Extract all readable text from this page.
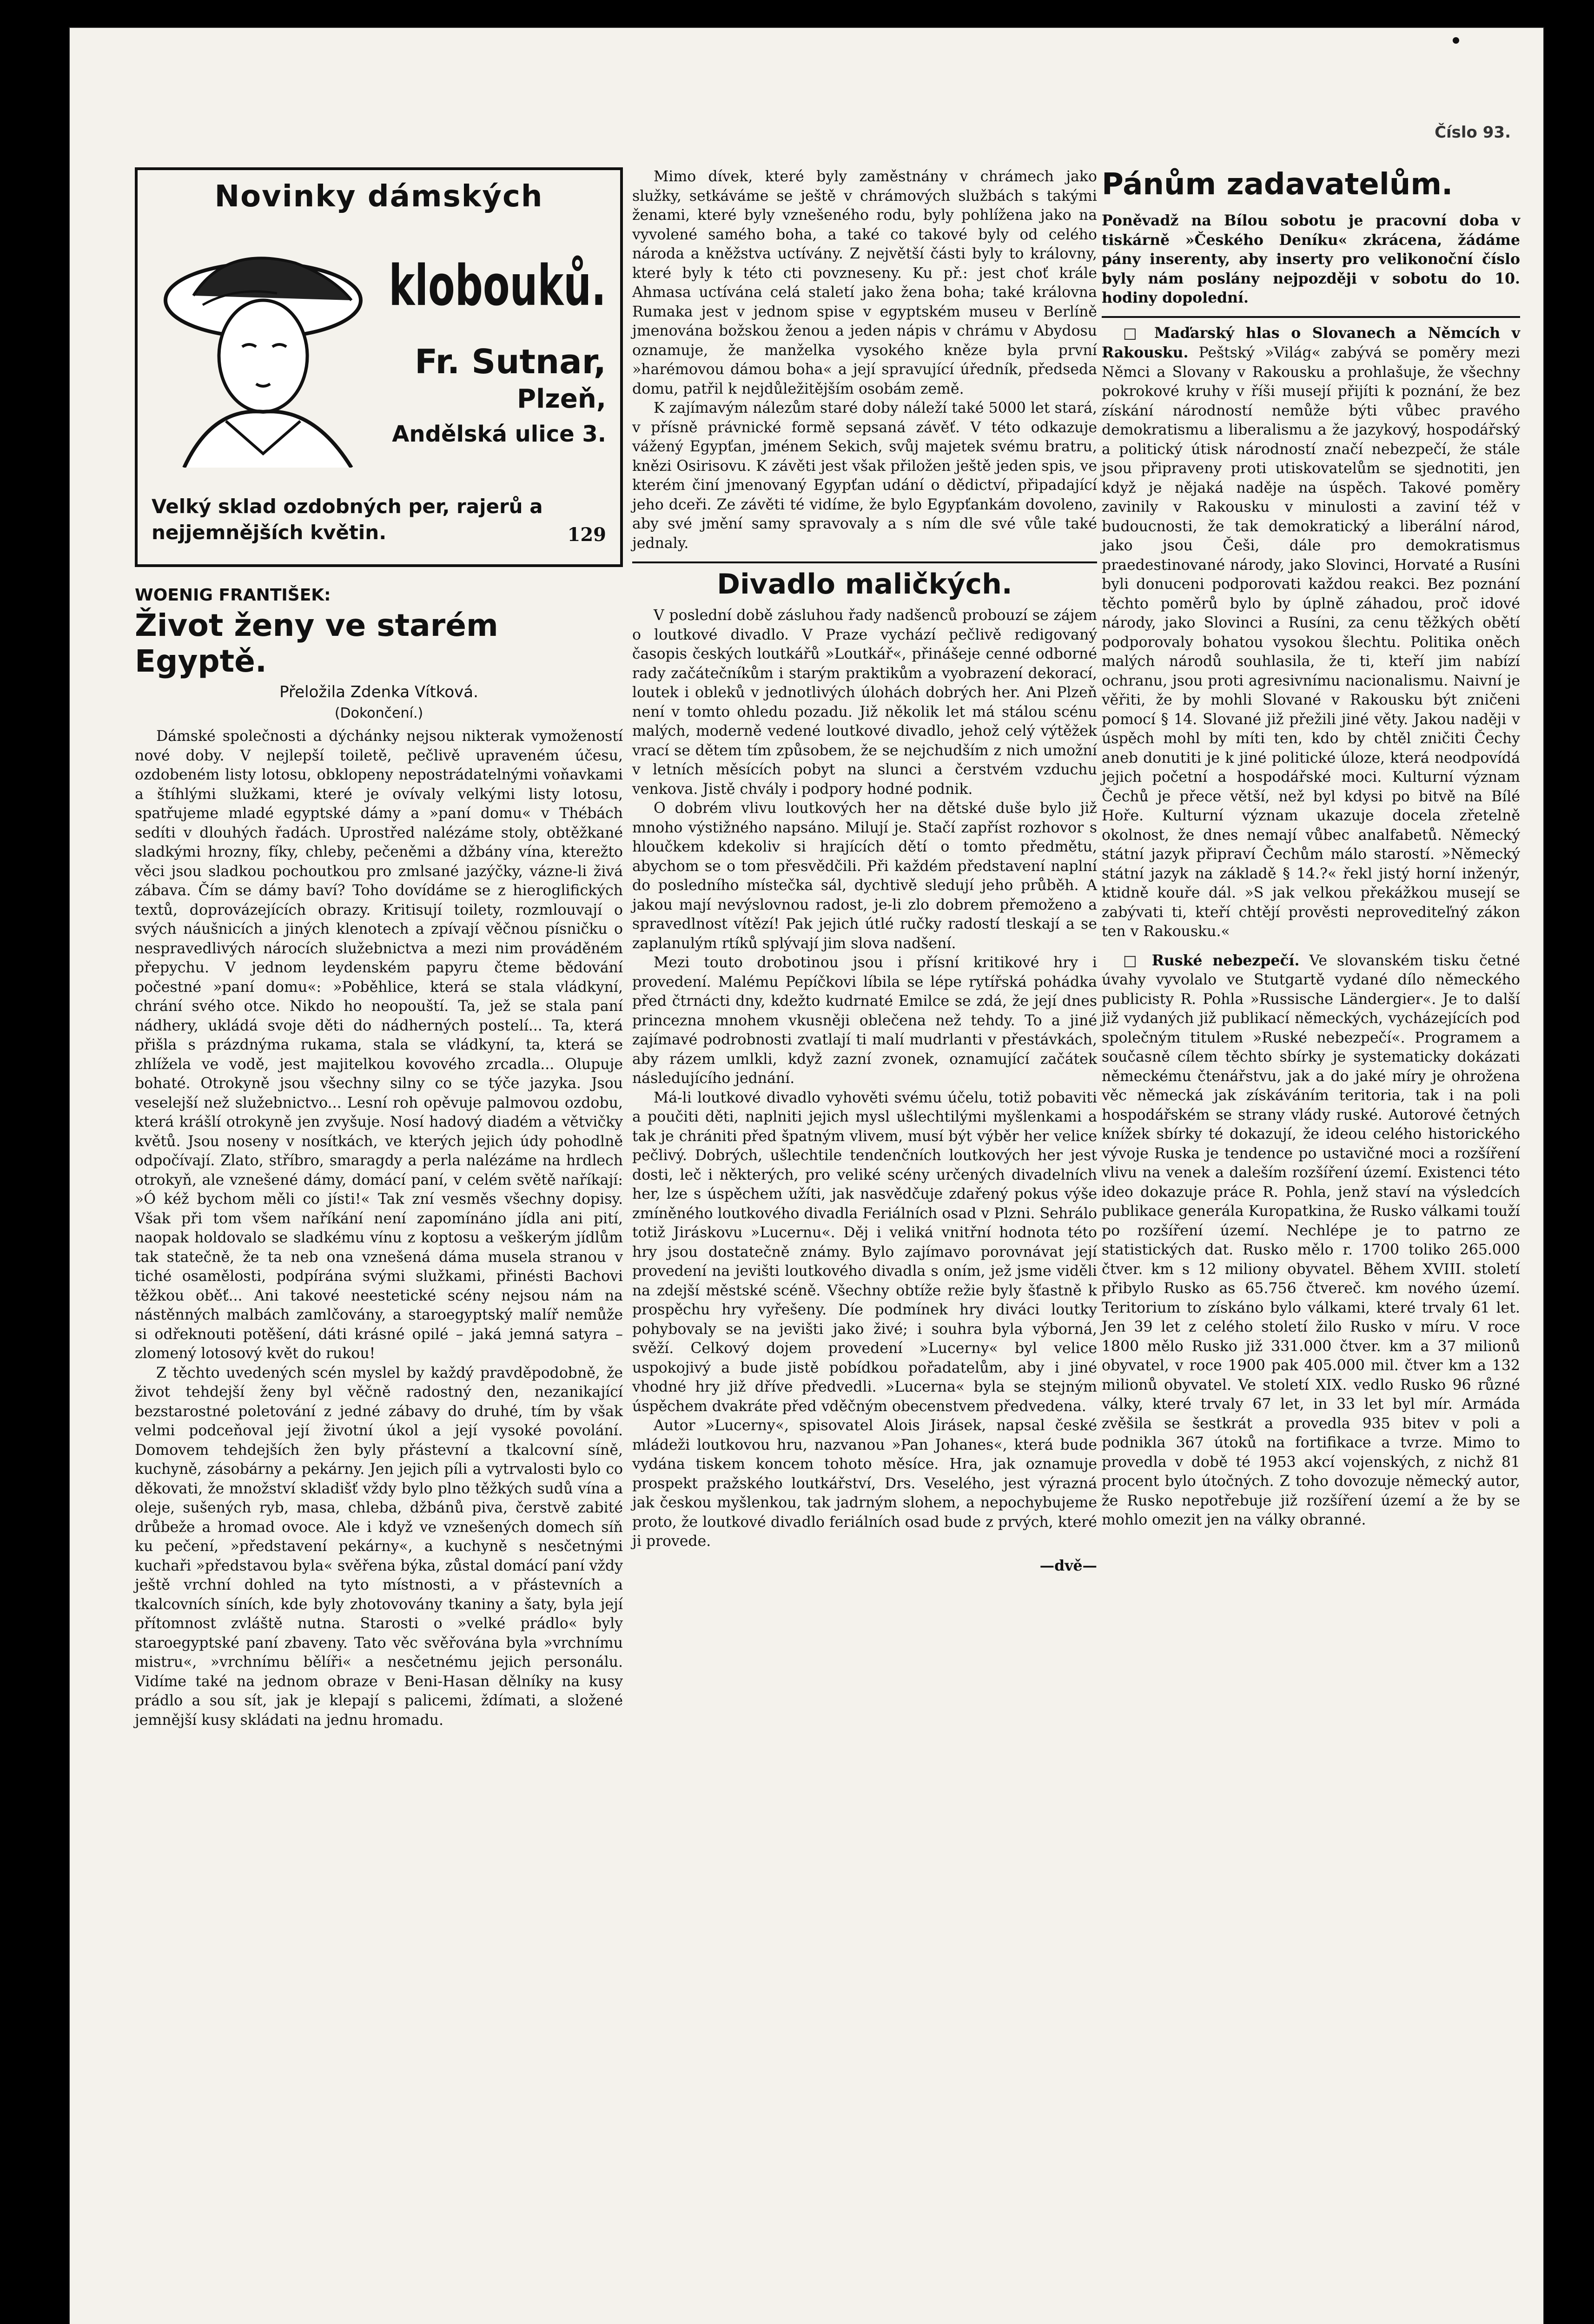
Číslo 93.
Novinky dámských
klobouků.
Fr. Sutnar,
Plzeň,
Andělská ulice 3.
Velký sklad ozdobných per, rajerů a nejjemnějších květin.	129
WOENIG FRANTIŠEK:
Život ženy ve starém Egyptě.
Přeložila Zdenka Vítková.
(Dokončení.)

Dámské společnosti a dýchánky nejsou nikterak vymožeností nové doby. V nejlepší toiletě, pečlivě upraveném účesu, ozdobeném listy lotosu, obklopeny nepostrádatelnými voňavkami a štíhlými služkami, které je ovívaly velkými listy lotosu, spatřujeme mladé egyptské dámy a »paní domu« v Thébách sedíti v dlouhých řadách. Uprostřed nalézáme stoly, obtěžkané sladkými hrozny, fíky, chleby, pečeněmi a džbány vína, kterežto věci jsou sladkou pochoutkou pro zmlsané jazýčky, vázne-li živá zábava. Čím se dámy baví? Toho dovídáme se z hieroglifických textů, doprovázejících obrazy. Kritisují toilety, rozmlouvají o svých náušnicích a jiných klenotech a zpívají věčnou písničku o nespravedlivých nárocích služebnictva a mezi nim prováděném přepychu. V jednom leydenském papyru čteme bědování počestné »paní domu«: »Poběhlice, která se stala vládkyní, chrání svého otce. Nikdo ho neopouští. Ta, jež se stala paní nádhery, ukládá svoje děti do nádherných postelí... Ta, která přišla s prázdnýma rukama, stala se vládkyní, ta, která se zhlížela ve vodě, jest majitelkou kovového zrcadla... Olupuje bohaté. Otrokyně jsou všechny silny co se týče jazyka. Jsou veselejší než služebnictvo... Lesní roh opěvuje palmovou ozdobu, která krášlí otrokyně jen zvyšuje. Nosí hadový diadém a větvičky květů. Jsou noseny v nosítkách, ve kterých jejich údy pohodlně odpočívají. Zlato, stříbro, smaragdy a perla nalézáme na hrdlech otrokyň, ale vznešené dámy, domácí paní, v celém světě naříkají: »Ó kéž bychom měli co jísti!« Tak zní vesměs všechny dopisy. Však při tom všem naříkání není zapomínáno jídla ani pití, naopak holdovalo se sladkému vínu z koptosu a veškerým jídlům tak statečně, že ta neb ona vznešená dáma musela stranou v tiché osamělosti, podpírána svými služkami, přinésti Bachovi těžkou oběť... Ani takové neestetické scény nejsou nám na nástěnných malbách zamlčovány, a staroegyptský malíř nemůže si odřeknouti potěšení, dáti krásné opilé – jaká jemná satyra – zlomený lotosový květ do rukou!

Z těchto uvedených scén myslel by každý pravděpodobně, že život tehdejší ženy byl věčně radostný den, nezanikající bezstarostné poletování z jedné zábavy do druhé, tím by však velmi podceňoval její životní úkol a její vysoké povolání. Domovem tehdejších žen byly přástevní a tkalcovní síně, kuchyně, zásobárny a pekárny. Jen jejich píli a vytrvalosti bylo co děkovati, že množství skladišť vždy bylo plno těžkých sudů vína a oleje, sušených ryb, masa, chleba, džbánů piva, čerstvě zabité drůbeže a hromad ovoce. Ale i když ve vznešených domech síň ku pečení, »představení pekárny«, a kuchyně s nesčetnými kuchaři »představou byla« svěřena býka, zůstal domácí paní vždy ještě vrchní dohled na tyto místnosti, a v přástevních a tkalcovních síních, kde byly zhotovovány tkaniny a šaty, byla její přítomnost zvláště nutna. Starosti o »velké prádlo« byly staroegyptské paní zbaveny. Tato věc svěřována byla »vrchnímu mistru«, »vrchnímu bělíři« a nesčetnému jejich personálu. Vidíme také na jednom obraze v Beni-Hasan dělníky na kusy prádlo a sou sít, jak je klepají s palicemi, ždímati, a složené jemnější kusy skládati na jednu hromadu.

Mimo dívek, které byly zaměstnány v chrámech jako služky, setkáváme se ještě v chrámových službách s takými ženami, které byly vznešeného rodu, byly pohlížena jako na vyvolené samého boha, a také co takové byly od celého národa a kněžstva uctívány. Z největší části byly to královny, které byly k této cti povzneseny. Ku př.: jest choť krále Ahmasa uctívána celá staletí jako žena boha; také královna Rumaka jest v jednom spise v egyptském museu v Berlíně jmenována božskou ženou a jeden nápis v chrámu v Abydosu oznamuje, že manželka vysokého kněze byla první »harémovou dámou boha« a její spravující úředník, předseda domu, patřil k nejdůležitějším osobám země.

K zajímavým nálezům staré doby náleží také 5000 let stará, v přísně právnické formě sepsaná závěť. V této odkazuje vážený Egypťan, jménem Sekich, svůj majetek svému bratru, knězi Osirisovu. K závěti jest však přiložen ještě jeden spis, ve kterém činí jmenovaný Egypťan udání o dědictví, připadající jeho dceři. Ze závěti té vidíme, že bylo Egypťankám dovoleno, aby své jmění samy spravovaly a s ním dle své vůle také jednaly.

Divadlo maličkých.

V poslední době zásluhou řady nadšenců probouzí se zájem o loutkové divadlo. V Praze vychází pečlivě redigovaný časopis českých loutkářů »Loutkář«, přinášeje cenné odborné rady začátečníkům i starým praktikům a vyobrazení dekorací, loutek i obleků v jednotlivých úlohách dobrých her. Ani Plzeň není v tomto ohledu pozadu. Již několik let má stálou scénu malých, moderně vedené loutkové divadlo, jehož celý výtěžek vrací se dětem tím způsobem, že se nejchudším z nich umožní v letních měsících pobyt na slunci a čerstvém vzduchu venkova. Jistě chvály i podpory hodné podnik.

O dobrém vlivu loutkových her na dětské duše bylo již mnoho výstižného napsáno. Milují je. Stačí zapříst rozhovor s hloučkem kdekoliv si hrajících dětí o tomto předmětu, abychom se o tom přesvědčili. Při každém představení naplní do posledního místečka sál, dychtivě sledují jeho průběh. A jakou mají nevýslovnou radost, je-li zlo dobrem přemoženo a spravedlnost vítězí! Pak jejich útlé ručky radostí tleskají a se zaplanulým rtíků splývají jim slova nadšení.

Mezi touto drobotinou jsou i přísní kritikové hry i provedení. Malému Pepíčkovi líbila se lépe rytířská pohádka před čtrnácti dny, kdežto kudrnaté Emilce se zdá, že její dnes princezna mnohem vkusněji oblečena než tehdy. To a jiné zajímavé podrobnosti zvatlají ti malí mudrlanti v přestávkách, aby rázem umlkli, když zazní zvonek, oznamující začátek následujícího jednání.

Má-li loutkové divadlo vyhověti svému účelu, totiž pobaviti a poučiti děti, naplniti jejich mysl ušlechtilými myšlenkami a tak je chrániti před špatným vlivem, musí být výběr her velice pečlivý. Dobrých, ušlechtile tendenčních loutkových her jest dosti, leč i některých, pro veliké scény určených divadelních her, lze s úspěchem užíti, jak nasvědčuje zdařený pokus výše zmíněného loutkového divadla Feriálních osad v Plzni. Sehrálo totiž Jiráskovu »Lucernu«. Děj i veliká vnitřní hodnota této hry jsou dostatečně známy. Bylo zajímavo porovnávat její provedení na jevišti loutkového divadla s oním, jež jsme viděli na zdejší městské scéně. Všechny obtíže režie byly šťastně k prospěchu hry vyřešeny. Díe podmínek hry diváci loutky pohybovaly se na jevišti jako živé; i souhra byla výborná, svěží. Celkový dojem provedení »Lucerny« byl velice uspokojivý a bude jistě pobídkou pořadatelům, aby i jiné vhodné hry již dříve předvedli. »Lucerna« byla se stejným úspěchem dvakráte před vděčným obecenstvem předvedena.

Autor »Lucerny«, spisovatel Alois Jirásek, napsal české mládeži loutkovou hru, nazvanou »Pan Johanes«, která bude vydána tiskem koncem tohoto měsíce. Hra, jak oznamuje prospekt pražského loutkářství, Drs. Veselého, jest výrazná jak českou myšlenkou, tak jadrným slohem, a nepochybujeme proto, že loutkové divadlo feriálních osad bude z prvých, které ji provede.

—dvě—
Pánům zadavatelům.
Poněvadž na Bílou sobotu je pracovní doba v tiskárně »Českého Deníku« zkrácena, žádáme pány inserenty, aby inserty pro velikonoční číslo byly nám poslány nejpozději v sobotu do 10. hodiny dopolední.

□ Maďarský hlas o Slovanech a Němcích v Rakousku. Peštský »Világ« zabývá se poměry mezi Němci a Slovany v Rakousku a prohlašuje, že všechny pokrokové kruhy v říši musejí přijíti k poznání, že bez získání národností nemůže býti vůbec pravého demokratismu a liberalismu a že jazykový, hospodářský a politický útisk národností značí nebezpečí, že stále jsou připraveny proti utiskovatelům se sjednotiti, jen když je nějaká naděje na úspěch. Takové poměry zavinily v Rakousku v minulosti a zaviní též v budoucnosti, že tak demokratický a liberální národ, jako jsou Češi, dále pro demokratismus praedestinované národy, jako Slovinci, Horvaté a Rusíni byli donuceni podporovati každou reakci. Bez poznání těchto poměrů bylo by úplně záhadou, proč idové národy, jako Slovinci a Rusíni, za cenu těžkých obětí podporovaly bohatou vysokou šlechtu. Politika oněch malých národů souhlasila, že ti, kteří jim nabízí ochranu, jsou proti agresivnímu nacionalismu. Naivní je věřiti, že by mohli Slované v Rakousku být zničeni pomocí § 14. Slované již přežili jiné věty. Jakou naději v úspěch mohl by míti ten, kdo by chtěl zničiti Čechy aneb donutiti je k jiné politické úloze, která neodpovídá jejich početní a hospodářské moci. Kulturní význam Čechů je přece větší, než byl kdysi po bitvě na Bílé Hoře. Kulturní význam ukazuje docela zřetelně okolnost, že dnes nemají vůbec analfabetů. Německý státní jazyk připraví Čechům málo starostí. »Německý státní jazyk na základě § 14.?« řekl jistý horní inženýr, ktidně kouře dál. »S jak velkou překážkou musejí se zabývati ti, kteří chtějí prověsti neprovediteľný zákon ten v Rakousku.«

□ Ruské nebezpečí. Ve slovanském tisku četné úvahy vyvolalo ve Stutgartě vydané dílo německého publicisty R. Pohla »Russische Ländergier«. Je to další již vydaných již publikací německých, vycházejících pod společným titulem »Ruské nebezpečí«. Programem a současně cílem těchto sbírky je systematicky dokázati německému čtenářstvu, jak a do jaké míry je ohrožena věc německá jak získáváním teritoria, tak i na poli hospodářském se strany vlády ruské. Autorové četných knížek sbírky té dokazují, že ideou celého historického vývoje Ruska je tendence po ustavičné moci a rozšíření vlivu na venek a daleším rozšíření území. Existenci této ideo dokazuje práce R. Pohla, jenž staví na výsledcích publikace generála Kuropatkina, že Rusko válkami touží po rozšíření území. Nechlépe je to patrno ze statistických dat. Rusko mělo r. 1700 toliko 265.000 čtver. km s 12 miliony obyvatel. Během XVIII. století přibylo Rusko as 65.756 čtvereč. km nového území. Teritorium to získáno bylo válkami, které trvaly 61 let. Jen 39 let z celého století žilo Rusko v míru. V roce 1800 mělo Rusko již 331.000 čtver. km a 37 milionů obyvatel, v roce 1900 pak 405.000 mil. čtver km a 132 milionů obyvatel. Ve století XIX. vedlo Rusko 96 různé války, které trvaly 67 let, in 33 let byl mír. Armáda zvěšila se šestkrát a provedla 935 bitev v poli a podnikla 367 útoků na fortifikace a tvrze. Mimo to provedla v době té 1953 akcí vojenských, z nichž 81 procent bylo útočných. Z toho dovozuje německý autor, že Rusko nepotřebuje již rozšíření území a že by se mohlo omezit jen na války obranné.
